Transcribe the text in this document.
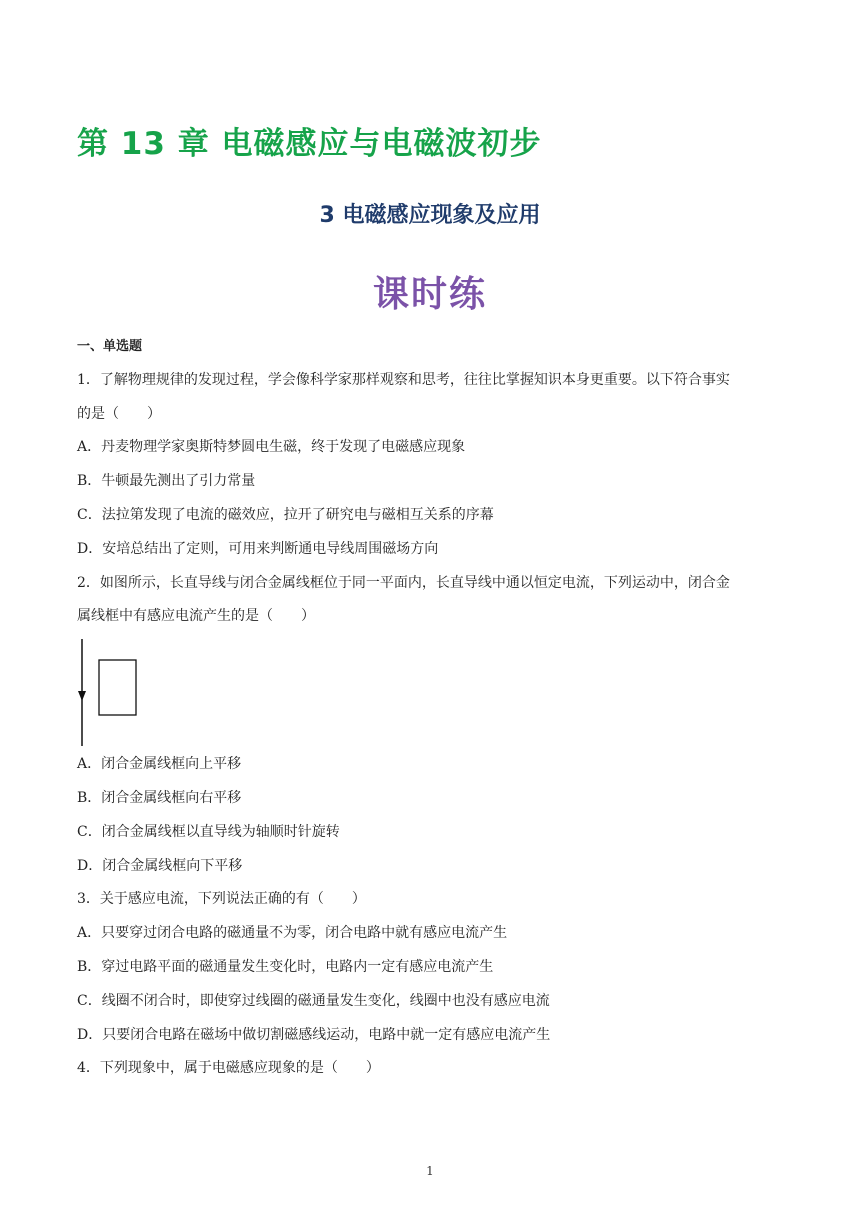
第 13 章 电磁感应与电磁波初步
3 电磁感应现象及应用
课时练

一、单选题

1．了解物理规律的发现过程，学会像科学家那样观察和思考，往往比掌握知识本身更重要。以下符合事实

的是（　　）

A．丹麦物理学家奥斯特梦圆电生磁，终于发现了电磁感应现象

B．牛顿最先测出了引力常量

C．法拉第发现了电流的磁效应，拉开了研究电与磁相互关系的序幕

D．安培总结出了定则，可用来判断通电导线周围磁场方向

2．如图所示，长直导线与闭合金属线框位于同一平面内，长直导线中通以恒定电流，下列运动中，闭合金

属线框中有感应电流产生的是（　　）

A．闭合金属线框向上平移

B．闭合金属线框向右平移

C．闭合金属线框以直导线为轴顺时针旋转

D．闭合金属线框向下平移

3．关于感应电流，下列说法正确的有（　　）

A．只要穿过闭合电路的磁通量不为零，闭合电路中就有感应电流产生

B．穿过电路平面的磁通量发生变化时，电路内一定有感应电流产生

C．线圈不闭合时，即使穿过线圈的磁通量发生变化，线圈中也没有感应电流

D．只要闭合电路在磁场中做切割磁感线运动，电路中就一定有感应电流产生

4．下列现象中，属于电磁感应现象的是（　　）

1
